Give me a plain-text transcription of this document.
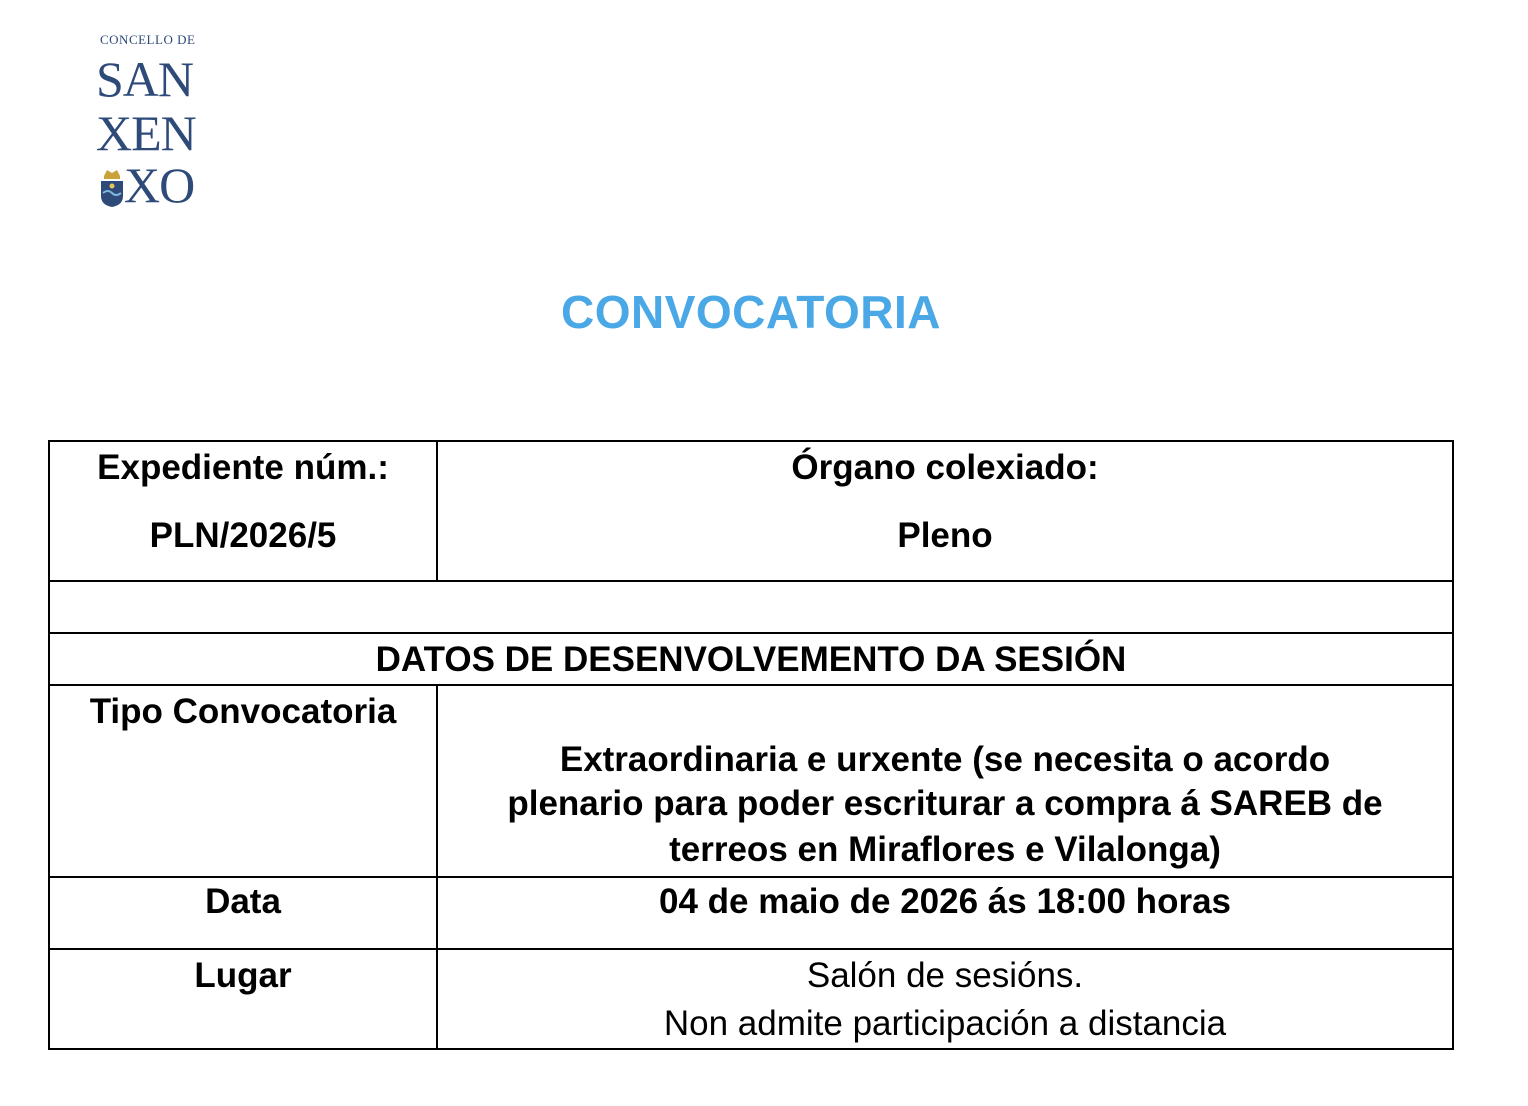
CONCELLO DE
SAN
XEN
XO
CONVOCATORIA
Expediente núm.:
PLN/2026/5
Órgano colexiado:
Pleno
DATOS DE DESENVOLVEMENTO DA SESIÓN
Tipo Convocatoria
Extraordinaria e urxente (se necesita o acordo
plenario para poder escriturar a compra á SAREB de
terreos en Miraflores e Vilalonga)
Data	04 de maio de 2026 ás 18:00 horas
Lugar	Salón de sesións.
Non admite participación a distancia
